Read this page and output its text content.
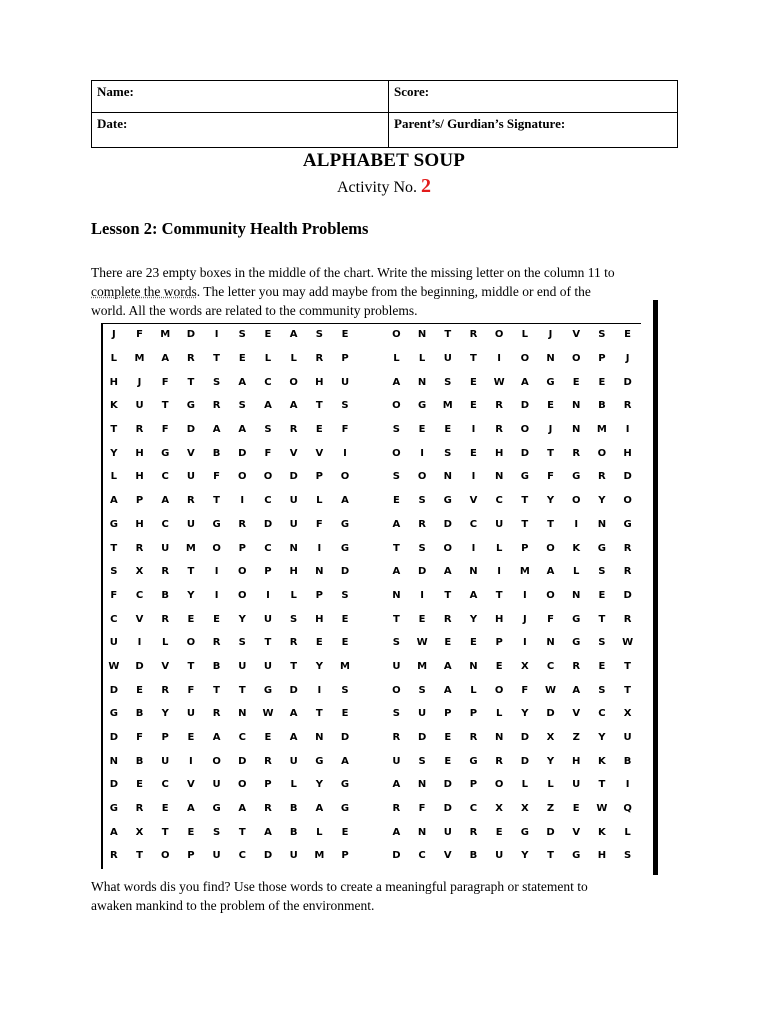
Name:	Score:
Date:	Parent’s/ Gurdian’s Signature:
ALPHABET SOUP
Activity No. 2
Lesson 2: Community Health Problems
There are 23 empty boxes in the middle of the chart. Write the missing letter on the column 11 to
complete the words. The letter you may add maybe from the beginning, middle or end of the
world. All the words are related to the community problems.
J	F	M	D	I	S	E	A	S	E	O	N	T	R	O	L	J	V	S	E
L	M	A	R	T	E	L	L	R	P	L	L	U	T	I	O	N	O	P	J
H	J	F	T	S	A	C	O	H	U	A	N	S	E	W	A	G	E	E	D
K	U	T	G	R	S	A	A	T	S	O	G	M	E	R	D	E	N	B	R
T	R	F	D	A	A	S	R	E	F	S	E	E	I	R	O	J	N	M	I
Y	H	G	V	B	D	F	V	V	I	O	I	S	E	H	D	T	R	O	H
L	H	C	U	F	O	O	D	P	O	S	O	N	I	N	G	F	G	R	D
A	P	A	R	T	I	C	U	L	A	E	S	G	V	C	T	Y	O	Y	O
G	H	C	U	G	R	D	U	F	G	A	R	D	C	U	T	T	I	N	G
T	R	U	M	O	P	C	N	I	G	T	S	O	I	L	P	O	K	G	R
S	X	R	T	I	O	P	H	N	D	A	D	A	N	I	M	A	L	S	R
F	C	B	Y	I	O	I	L	P	S	N	I	T	A	T	I	O	N	E	D
C	V	R	E	E	Y	U	S	H	E	T	E	R	Y	H	J	F	G	T	R
U	I	L	O	R	S	T	R	E	E	S	W	E	E	P	I	N	G	S	W
W	D	V	T	B	U	U	T	Y	M	U	M	A	N	E	X	C	R	E	T
D	E	R	F	T	T	G	D	I	S	O	S	A	L	O	F	W	A	S	T
G	B	Y	U	R	N	W	A	T	E	S	U	P	P	L	Y	D	V	C	X
D	F	P	E	A	C	E	A	N	D	R	D	E	R	N	D	X	Z	Y	U
N	B	U	I	O	D	R	U	G	A	U	S	E	G	R	D	Y	H	K	B
D	E	C	V	U	O	P	L	Y	G	A	N	D	P	O	L	L	U	T	I
G	R	E	A	G	A	R	B	A	G	R	F	D	C	X	X	Z	E	W	Q
A	X	T	E	S	T	A	B	L	E	A	N	U	R	E	G	D	V	K	L
R	T	O	P	U	C	D	U	M	P	D	C	V	B	U	Y	T	G	H	S
What words dis you find? Use those words to create a meaningful paragraph or statement to
awaken mankind to the problem of the environment.
